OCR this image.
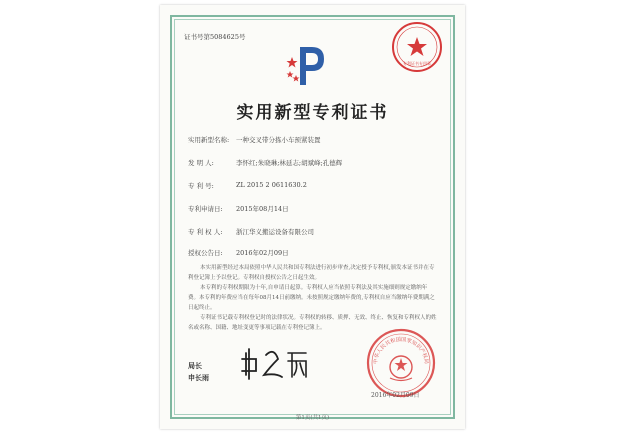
证书号第5084625号
专利证书专用章
实用新型专利证书
实用新型名称: 一种交叉带分拣小车预紧装置
发 明 人:	李怀红;朱晓琳;林延志;胡斌峰;孔德辉
专 利 号:	ZL 2015 2 0611630.2
专利申请日:	2015年08月14日
专 利 权 人:	浙江华义搬运设备有限公司
授权公告日:	2016年02月09日

本实用新型经过本局依照中华人民共和国专利法进行初步审查,决定授予专利权,颁发本证书并在专利登记簿上予以登记。专利权自授权公告之日起生效。

本专利的专利权期限为十年,自申请日起算。专利权人应当依照专利法及其实施细则规定缴纳年费。本专利的年费应当在每年08月14日前缴纳。未按照规定缴纳年费的,专利权自应当缴纳年费期满之日起终止。

专利证书记载专利权登记时的法律状况。专利权的转移、质押、无效、终止、恢复和专利权人的姓名或名称、国籍、地址变更等事项记载在专利登记簿上。

局长
申长雨
申长雨
中华人民共和国国家知识产权局
2016年02月09日
第1页(共1页)
